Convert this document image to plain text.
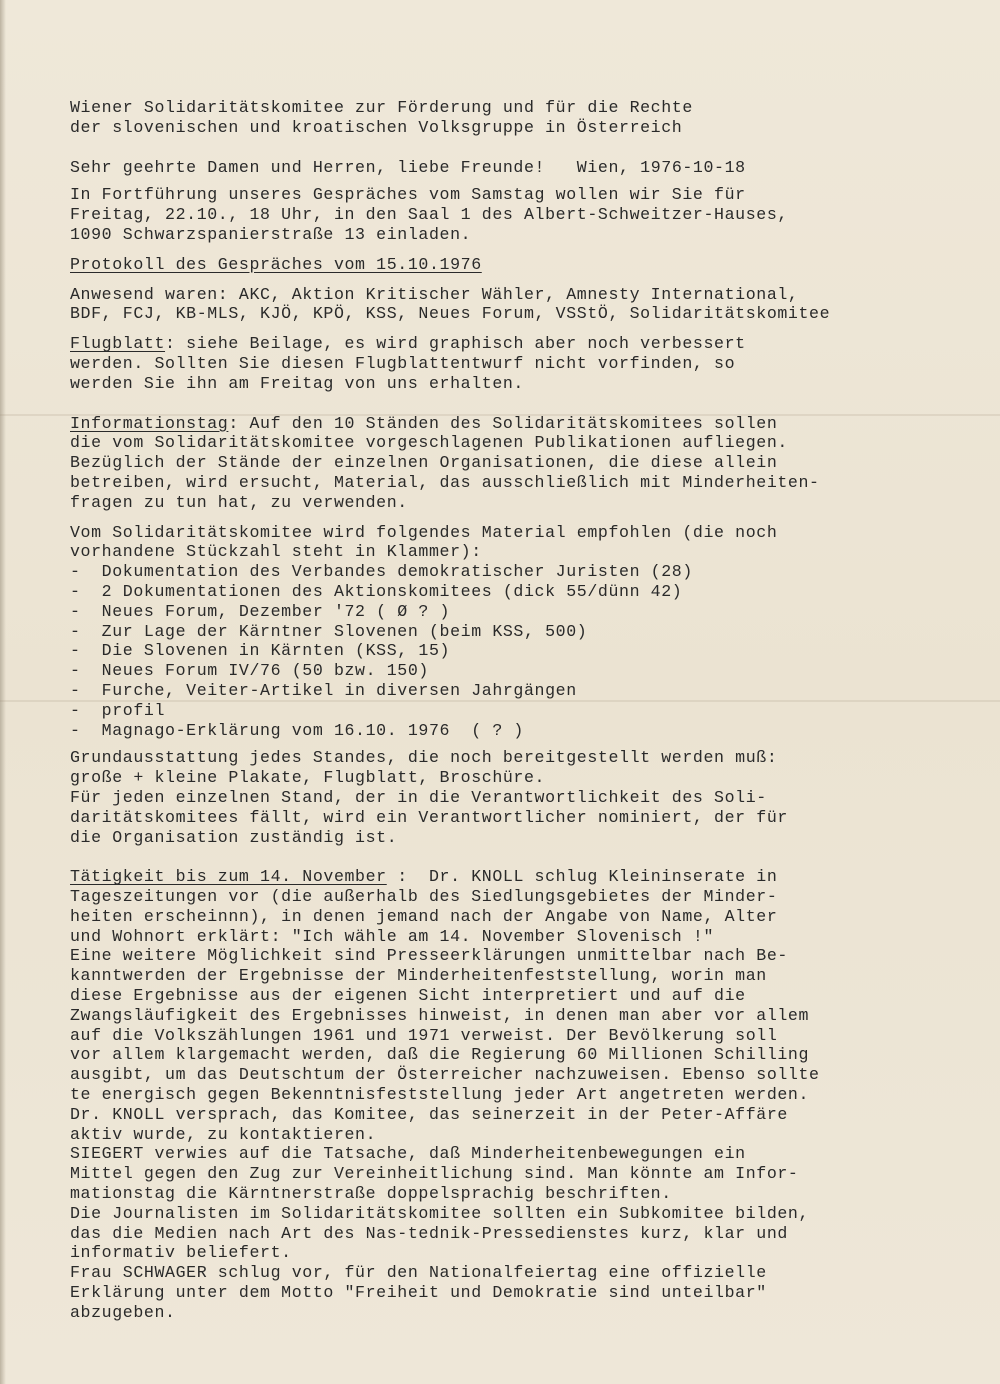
Wiener Solidaritätskomitee zur Förderung und für die Rechte
der slovenischen und kroatischen Volksgruppe in Österreich
Sehr geehrte Damen und Herren, liebe Freunde! Wien, 1976-10-18
In Fortführung unseres Gespräches vom Samstag wollen wir Sie für
Freitag, 22.10., 18 Uhr, in den Saal 1 des Albert-Schweitzer-Hauses,
1090 Schwarzspanierstraße 13 einladen.
Protokoll des Gespräches vom 15.10.1976
Anwesend waren: AKC, Aktion Kritischer Wähler, Amnesty International,
BDF, FCJ, KB-MLS, KJÖ, KPÖ, KSS, Neues Forum, VSStÖ, Solidaritätskomitee
Flugblatt: siehe Beilage, es wird graphisch aber noch verbessert
werden. Sollten Sie diesen Flugblattentwurf nicht vorfinden, so
werden Sie ihn am Freitag von uns erhalten.
Informationstag: Auf den 10 Ständen des Solidaritätskomitees sollen
die vom Solidaritätskomitee vorgeschlagenen Publikationen aufliegen.
Bezüglich der Stände der einzelnen Organisationen, die diese allein
betreiben, wird ersucht, Material, das ausschließlich mit Minderheiten-
fragen zu tun hat, zu verwenden.
Vom Solidaritätskomitee wird folgendes Material empfohlen (die noch
vorhandene Stückzahl steht in Klammer):
-  Dokumentation des Verbandes demokratischer Juristen (28)
-  2 Dokumentationen des Aktionskomitees (dick 55/dünn 42)
-  Neues Forum, Dezember '72 ( Ø ? )
-  Zur Lage der Kärntner Slovenen (beim KSS, 500)
-  Die Slovenen in Kärnten (KSS, 15)
-  Neues Forum IV/76 (50 bzw. 150)
-  Furche, Veiter-Artikel in diversen Jahrgängen
-  profil
-  Magnago-Erklärung vom 16.10. 1976  ( ? )
Grundausstattung jedes Standes, die noch bereitgestellt werden muß:
große + kleine Plakate, Flugblatt, Broschüre.
Für jeden einzelnen Stand, der in die Verantwortlichkeit des Soli-
daritätskomitees fällt, wird ein Verantwortlicher nominiert, der für
die Organisation zuständig ist.
Tätigkeit bis zum 14. November :  Dr. KNOLL schlug Kleininserate in
Tageszeitungen vor (die außerhalb des Siedlungsgebietes der Minder-
heiten erscheinnn), in denen jemand nach der Angabe von Name, Alter
und Wohnort erklärt: "Ich wähle am 14. November Slovenisch !"
Eine weitere Möglichkeit sind Presseerklärungen unmittelbar nach Be-
kanntwerden der Ergebnisse der Minderheitenfeststellung, worin man
diese Ergebnisse aus der eigenen Sicht interpretiert und auf die
Zwangsläufigkeit des Ergebnisses hinweist, in denen man aber vor allem
auf die Volkszählungen 1961 und 1971 verweist. Der Bevölkerung soll
vor allem klargemacht werden, daß die Regierung 60 Millionen Schilling
ausgibt, um das Deutschtum der Österreicher nachzuweisen. Ebenso sollte
te energisch gegen Bekenntnisfeststellung jeder Art angetreten werden.
Dr. KNOLL versprach, das Komitee, das seinerzeit in der Peter-Affäre
aktiv wurde, zu kontaktieren.
SIEGERT verwies auf die Tatsache, daß Minderheitenbewegungen ein
Mittel gegen den Zug zur Vereinheitlichung sind. Man könnte am Infor-
mationstag die Kärntnerstraße doppelsprachig beschriften.
Die Journalisten im Solidaritätskomitee sollten ein Subkomitee bilden,
das die Medien nach Art des Nas-tednik-Pressedienstes kurz, klar und
informativ beliefert.
Frau SCHWAGER schlug vor, für den Nationalfeiertag eine offizielle
Erklärung unter dem Motto "Freiheit und Demokratie sind unteilbar"
abzugeben.
